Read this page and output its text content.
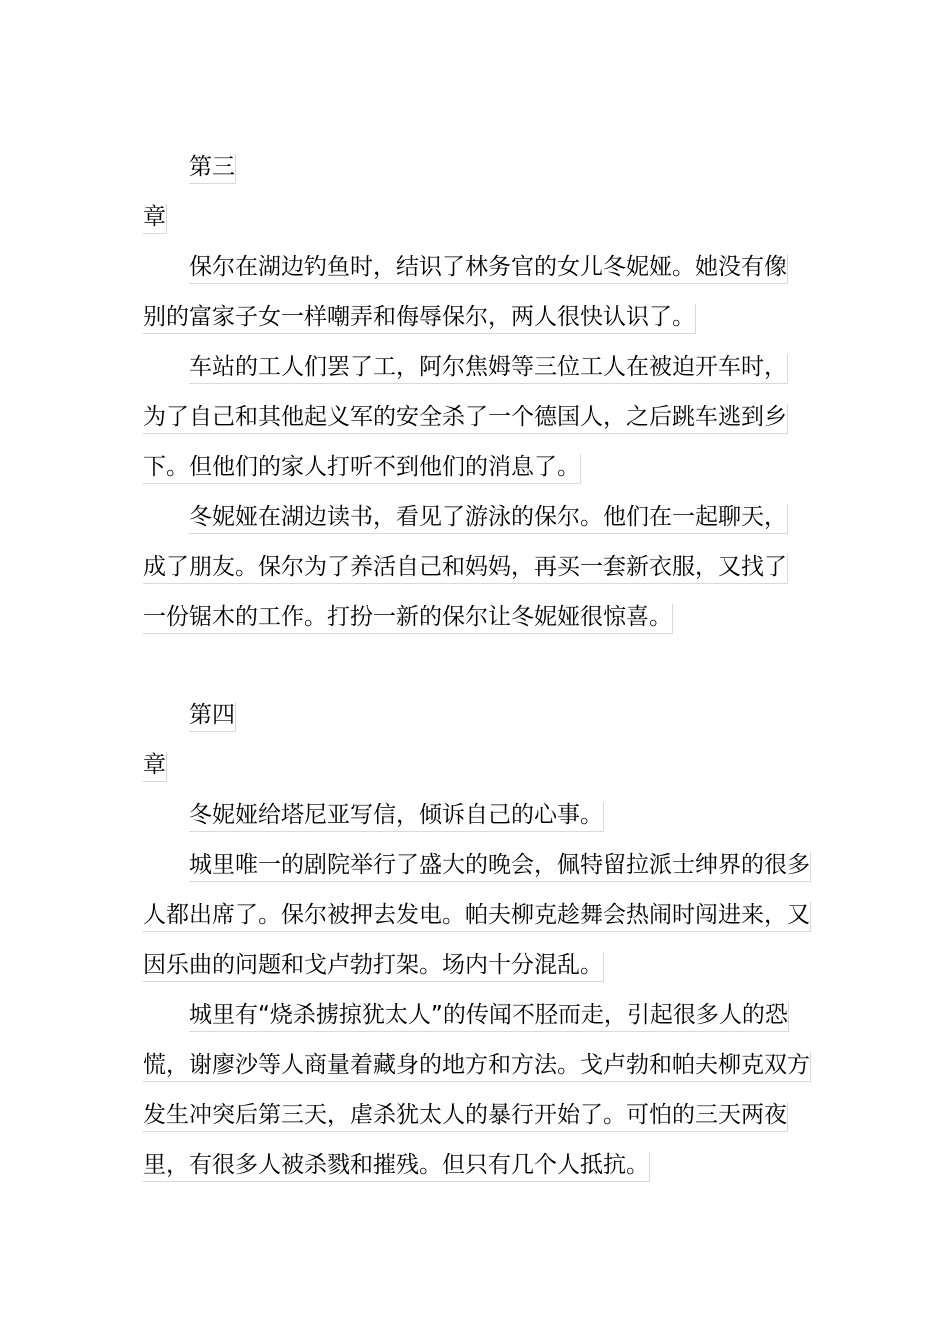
第三章

保尔在湖边钓鱼时，结识了林务官的女儿冬妮娅。她没有像别的富家子女一样嘲弄和侮辱保尔，两人很快认识了。

车站的工人们罢了工，阿尔焦姆等三位工人在被迫开车时，为了自己和其他起义军的安全杀了一个德国人，之后跳车逃到乡下。但他们的家人打听不到他们的消息了。

冬妮娅在湖边读书，看见了游泳的保尔。他们在一起聊天，成了朋友。保尔为了养活自己和妈妈，再买一套新衣服，又找了一份锯木的工作。打扮一新的保尔让冬妮娅很惊喜。

第四章

冬妮娅给塔尼亚写信，倾诉自己的心事。

城里唯一的剧院举行了盛大的晚会，佩特留拉派士绅界的很多人都出席了。保尔被押去发电。帕夫柳克趁舞会热闹时闯进来，又因乐曲的问题和戈卢勃打架。场内十分混乱。

城里有“烧杀掳掠犹太人”的传闻不胫而走，引起很多人的恐慌，谢廖沙等人商量着藏身的地方和方法。戈卢勃和帕夫柳克双方发生冲突后第三天，虐杀犹太人的暴行开始了。可怕的三天两夜里，有很多人被杀戮和摧残。但只有几个人抵抗。
